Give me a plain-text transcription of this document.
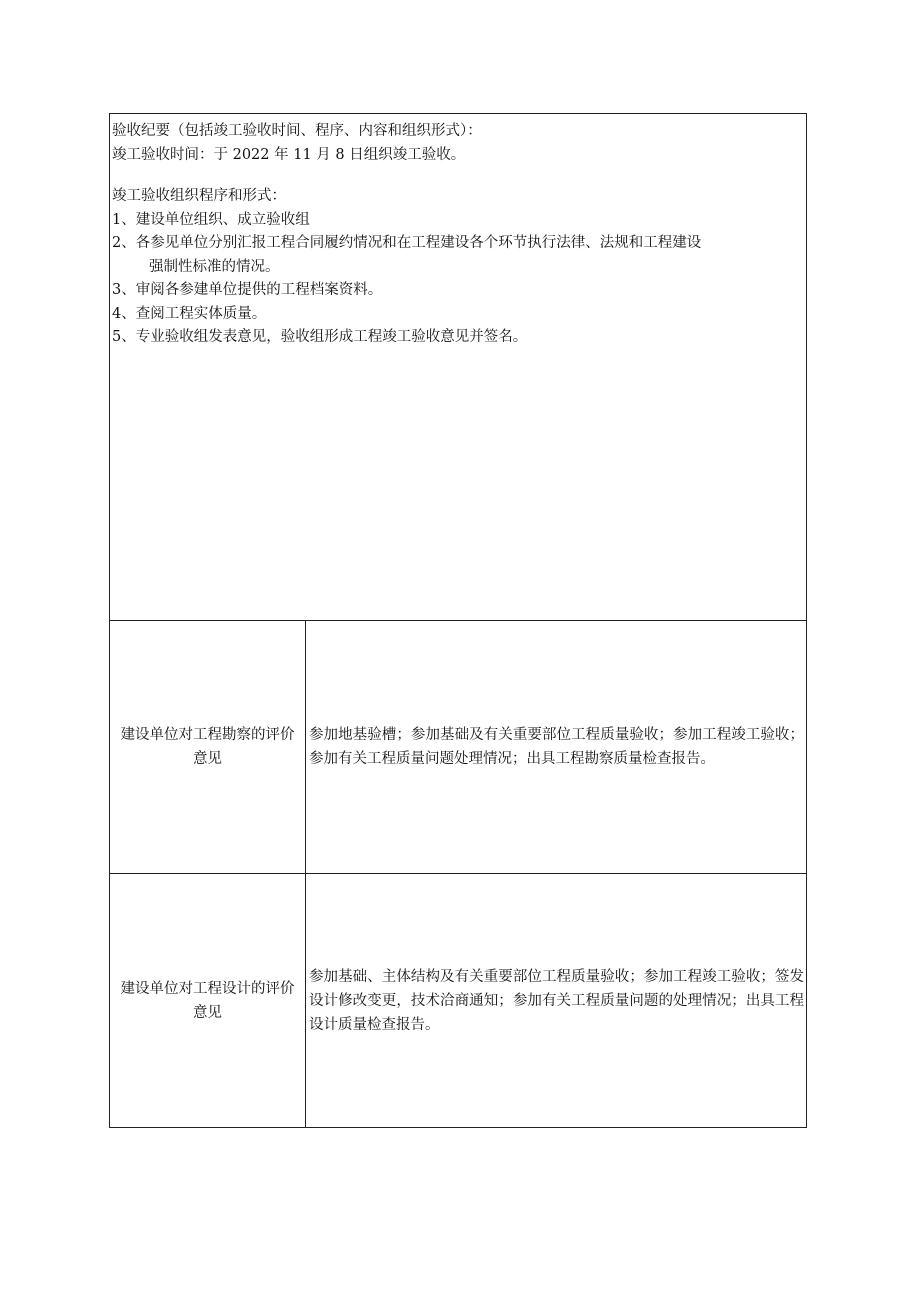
验收纪要（包括竣工验收时间、程序、内容和组织形式）：
竣工验收时间：于 2022 年 11 月 8 日组织竣工验收。
竣工验收组织程序和形式：
1、建设单位组织、成立验收组
2、各参见单位分别汇报工程合同履约情况和在工程建设各个环节执行法律、法规和工程建设
强制性标准的情况。
3、审阅各参建单位提供的工程档案资料。
4、查阅工程实体质量。
5、专业验收组发表意见，验收组形成工程竣工验收意见并签名。
建设单位对工程勘察的评价意见
参加地基验槽；参加基础及有关重要部位工程质量验收；参加工程竣工验收；参加有关工程质量问题处理情况；出具工程勘察质量检查报告。
建设单位对工程设计的评价意见
参加基础、主体结构及有关重要部位工程质量验收；参加工程竣工验收；签发设计修改变更，技术洽商通知；参加有关工程质量问题的处理情况；出具工程设计质量检查报告。
